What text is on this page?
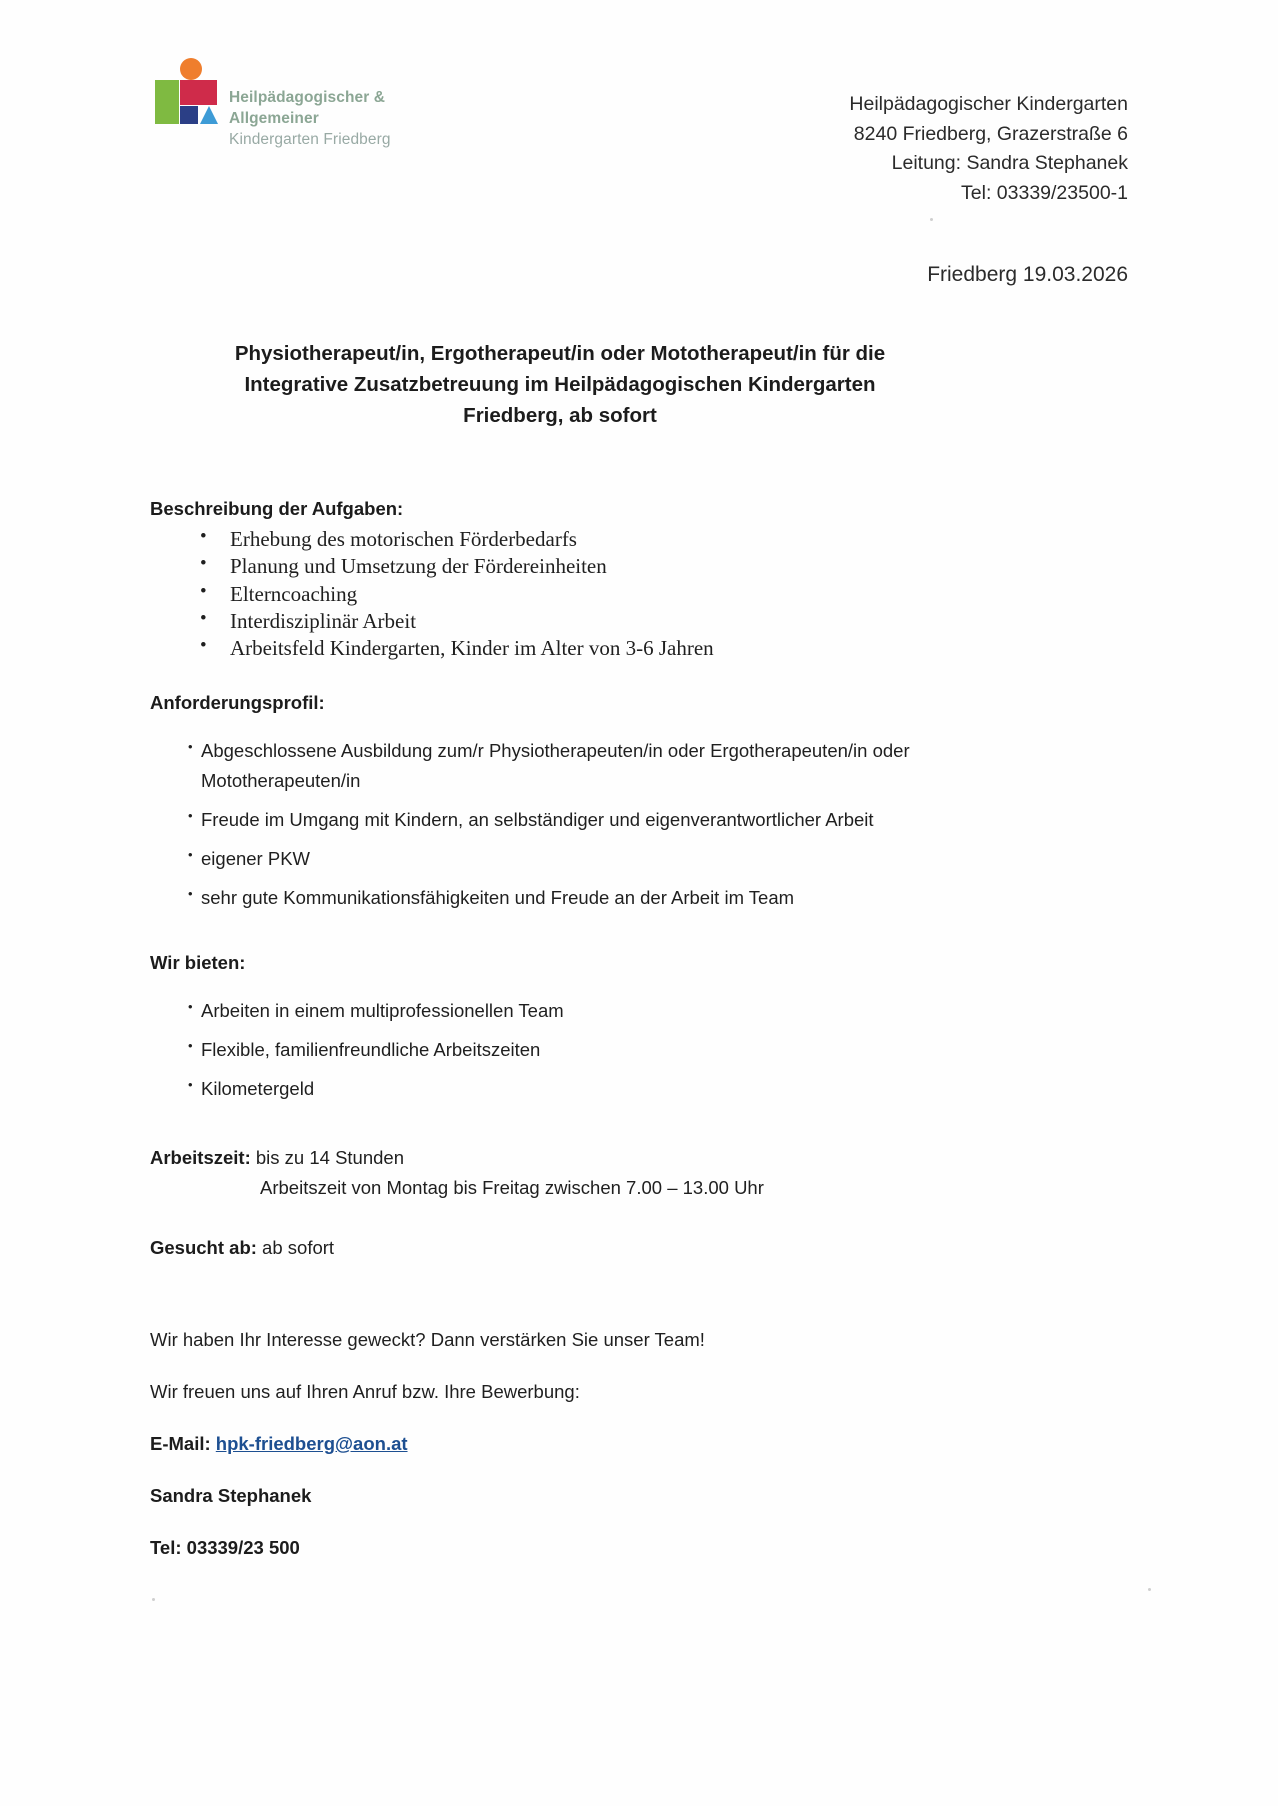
Heilpädagogischer & Allgemeiner
Kindergarten Friedberg
Heilpädagogischer Kindergarten
8240 Friedberg, Grazerstraße 6
Leitung: Sandra Stephanek
Tel: 03339/23500-1
Friedberg 19.03.2026
Physiotherapeut/in, Ergotherapeut/in oder Mototherapeut/in für die
Integrative Zusatzbetreuung im Heilpädagogischen Kindergarten
Friedberg, ab sofort

Beschreibung der Aufgaben:

• Erhebung des motorischen Förderbedarfs
• Planung und Umsetzung der Fördereinheiten
• Elterncoaching
• Interdisziplinär Arbeit
• Arbeitsfeld Kindergarten, Kinder im Alter von 3-6 Jahren

Anforderungsprofil:

• Abgeschlossene Ausbildung zum/r Physiotherapeuten/in oder Ergotherapeuten/in oder Mototherapeuten/in
• Freude im Umgang mit Kindern, an selbständiger und eigenverantwortlicher Arbeit
• eigener PKW
• sehr gute Kommunikationsfähigkeiten und Freude an der Arbeit im Team

Wir bieten:

• Arbeiten in einem multiprofessionellen Team
• Flexible, familienfreundliche Arbeitszeiten
• Kilometergeld

Arbeitszeit: bis zu 14 Stunden

Arbeitszeit von Montag bis Freitag zwischen 7.00 – 13.00 Uhr

Gesucht ab: ab sofort

Wir haben Ihr Interesse geweckt? Dann verstärken Sie unser Team!

Wir freuen uns auf Ihren Anruf bzw. Ihre Bewerbung:

E-Mail: hpk-friedberg@aon.at

Sandra Stephanek

Tel: 03339/23 500
